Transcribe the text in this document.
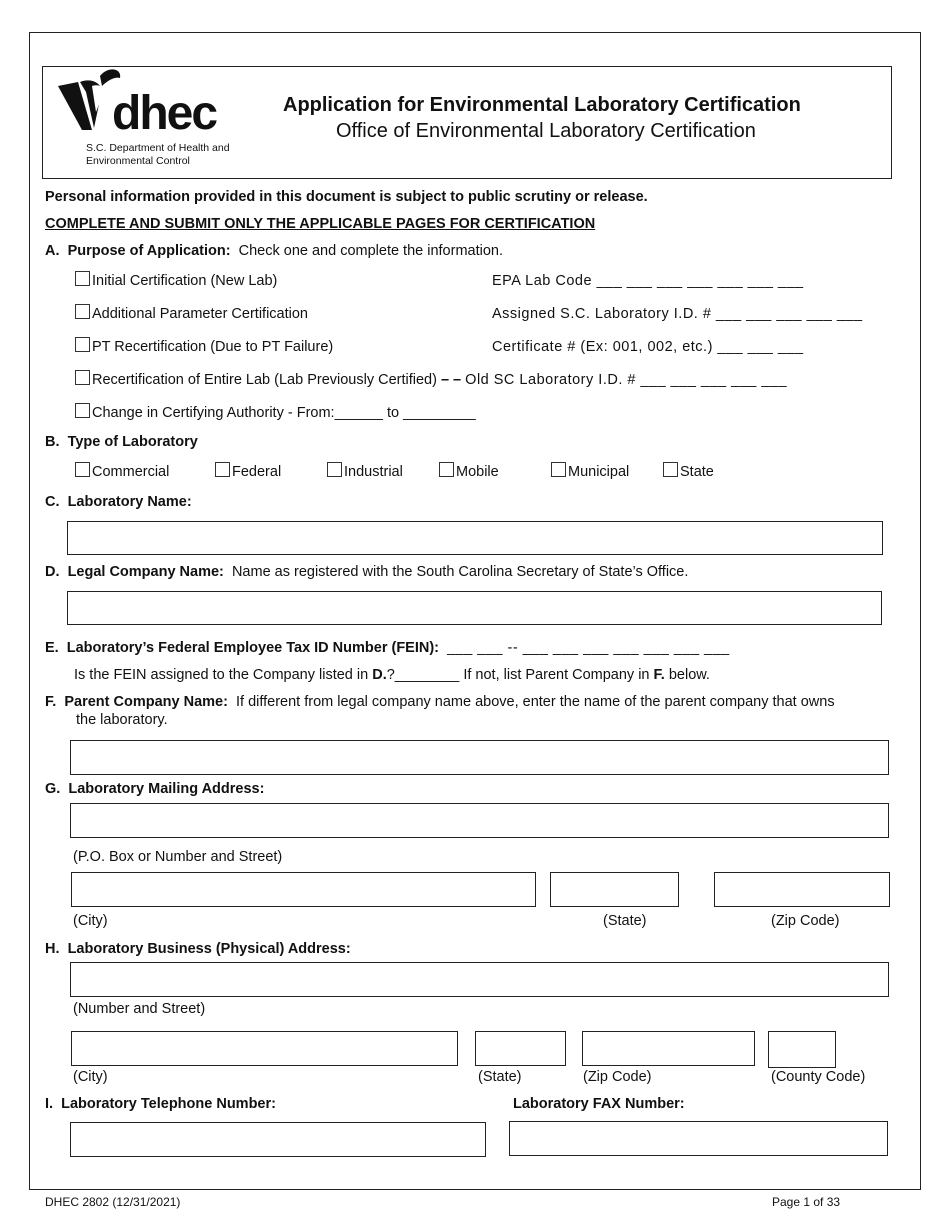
dhec
S.C. Department of Health and
Environmental Control
Application for Environmental Laboratory Certification
Office of Environmental Laboratory Certification
Personal information provided in this document is subject to public scrutiny or release.
COMPLETE AND SUBMIT ONLY THE APPLICABLE PAGES FOR CERTIFICATION
A. Purpose of Application: Check one and complete the information.
Initial Certification (New Lab)	EPA Lab Code ___ ___ ___ ___ ___ ___ ___
Additional Parameter Certification	Assigned S.C. Laboratory I.D. # ___ ___ ___ ___ ___
PT Recertification (Due to PT Failure)	Certificate # (Ex: 001, 002, etc.) ___ ___ ___
Recertification of Entire Lab (Lab Previously Certified) – – Old SC Laboratory I.D. # ___ ___ ___ ___ ___
Change in Certifying Authority - From:______ to _________
B. Type of Laboratory
Commercial	Federal	Industrial	Mobile	Municipal	State
C. Laboratory Name:
D. Legal Company Name: Name as registered with the South Carolina Secretary of State’s Office.
E. Laboratory’s Federal Employee Tax ID Number (FEIN): ___ ___ -- ___ ___ ___ ___ ___ ___ ___
Is the FEIN assigned to the Company listed in D.?________ If not, list Parent Company in F. below.
F. Parent Company Name: If different from legal company name above, enter the name of the parent company that owns
the laboratory.
G. Laboratory Mailing Address:
(P.O. Box or Number and Street)
(City)	(State)	(Zip Code)
H. Laboratory Business (Physical) Address:
(Number and Street)
(City)	(State)	(Zip Code)	(County Code)
I. Laboratory Telephone Number:	Laboratory FAX Number:
DHEC 2802 (12/31/2021)	Page 1 of 33
